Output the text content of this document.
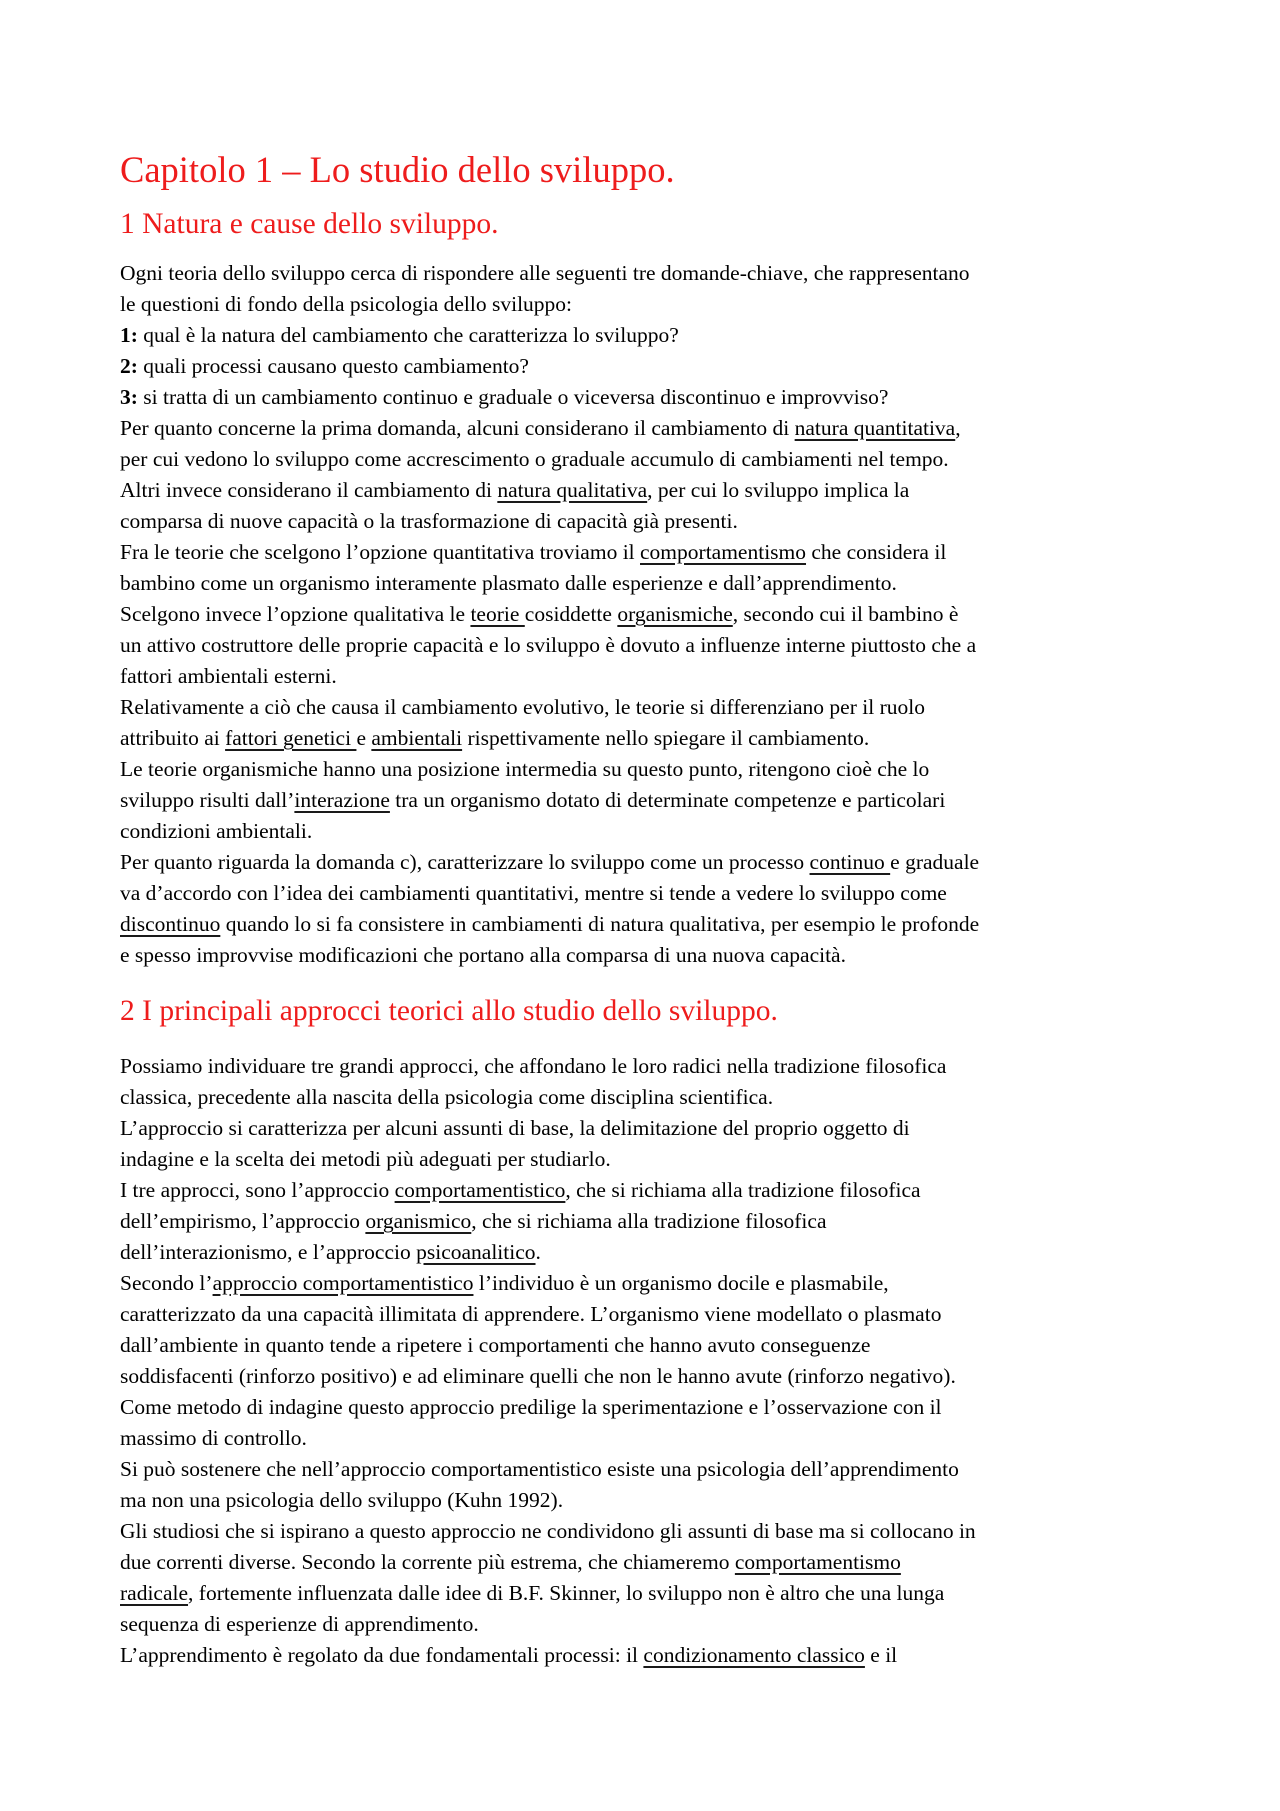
Capitolo 1 – Lo studio dello sviluppo.
1 Natura e cause dello sviluppo.
Ogni teoria dello sviluppo cerca di rispondere alle seguenti tre domande-chiave, che rappresentano
le questioni di fondo della psicologia dello sviluppo:
1: qual è la natura del cambiamento che caratterizza lo sviluppo?
2: quali processi causano questo cambiamento?
3: si tratta di un cambiamento continuo e graduale o viceversa discontinuo e improvviso?
Per quanto concerne la prima domanda, alcuni considerano il cambiamento di natura quantitativa,
per cui vedono lo sviluppo come accrescimento o graduale accumulo di cambiamenti nel tempo.
Altri invece considerano il cambiamento di natura qualitativa, per cui lo sviluppo implica la
comparsa di nuove capacità o la trasformazione di capacità già presenti.
Fra le teorie che scelgono l’opzione quantitativa troviamo il comportamentismo che considera il
bambino come un organismo interamente plasmato dalle esperienze e dall’apprendimento.
Scelgono invece l’opzione qualitativa le teorie cosiddette organismiche, secondo cui il bambino è
un attivo costruttore delle proprie capacità e lo sviluppo è dovuto a influenze interne piuttosto che a
fattori ambientali esterni.
Relativamente a ciò che causa il cambiamento evolutivo, le teorie si differenziano per il ruolo
attribuito ai fattori genetici e ambientali rispettivamente nello spiegare il cambiamento.
Le teorie organismiche hanno una posizione intermedia su questo punto, ritengono cioè che lo
sviluppo risulti dall’interazione tra un organismo dotato di determinate competenze e particolari
condizioni ambientali.
Per quanto riguarda la domanda c), caratterizzare lo sviluppo come un processo continuo e graduale
va d’accordo con l’idea dei cambiamenti quantitativi, mentre si tende a vedere lo sviluppo come
discontinuo quando lo si fa consistere in cambiamenti di natura qualitativa, per esempio le profonde
e spesso improvvise modificazioni che portano alla comparsa di una nuova capacità.
2 I principali approcci teorici allo studio dello sviluppo.
Possiamo individuare tre grandi approcci, che affondano le loro radici nella tradizione filosofica
classica, precedente alla nascita della psicologia come disciplina scientifica.
L’approccio si caratterizza per alcuni assunti di base, la delimitazione del proprio oggetto di
indagine e la scelta dei metodi più adeguati per studiarlo.
I tre approcci, sono l’approccio comportamentistico, che si richiama alla tradizione filosofica
dell’empirismo, l’approccio organismico, che si richiama alla tradizione filosofica
dell’interazionismo, e l’approccio psicoanalitico.
Secondo l’approccio comportamentistico l’individuo è un organismo docile e plasmabile,
caratterizzato da una capacità illimitata di apprendere. L’organismo viene modellato o plasmato
dall’ambiente in quanto tende a ripetere i comportamenti che hanno avuto conseguenze
soddisfacenti (rinforzo positivo) e ad eliminare quelli che non le hanno avute (rinforzo negativo).
Come metodo di indagine questo approccio predilige la sperimentazione e l’osservazione con il
massimo di controllo.
Si può sostenere che nell’approccio comportamentistico esiste una psicologia dell’apprendimento
ma non una psicologia dello sviluppo (Kuhn 1992).
Gli studiosi che si ispirano a questo approccio ne condividono gli assunti di base ma si collocano in
due correnti diverse. Secondo la corrente più estrema, che chiameremo comportamentismo
radicale, fortemente influenzata dalle idee di B.F. Skinner, lo sviluppo non è altro che una lunga
sequenza di esperienze di apprendimento.
L’apprendimento è regolato da due fondamentali processi: il condizionamento classico e il
